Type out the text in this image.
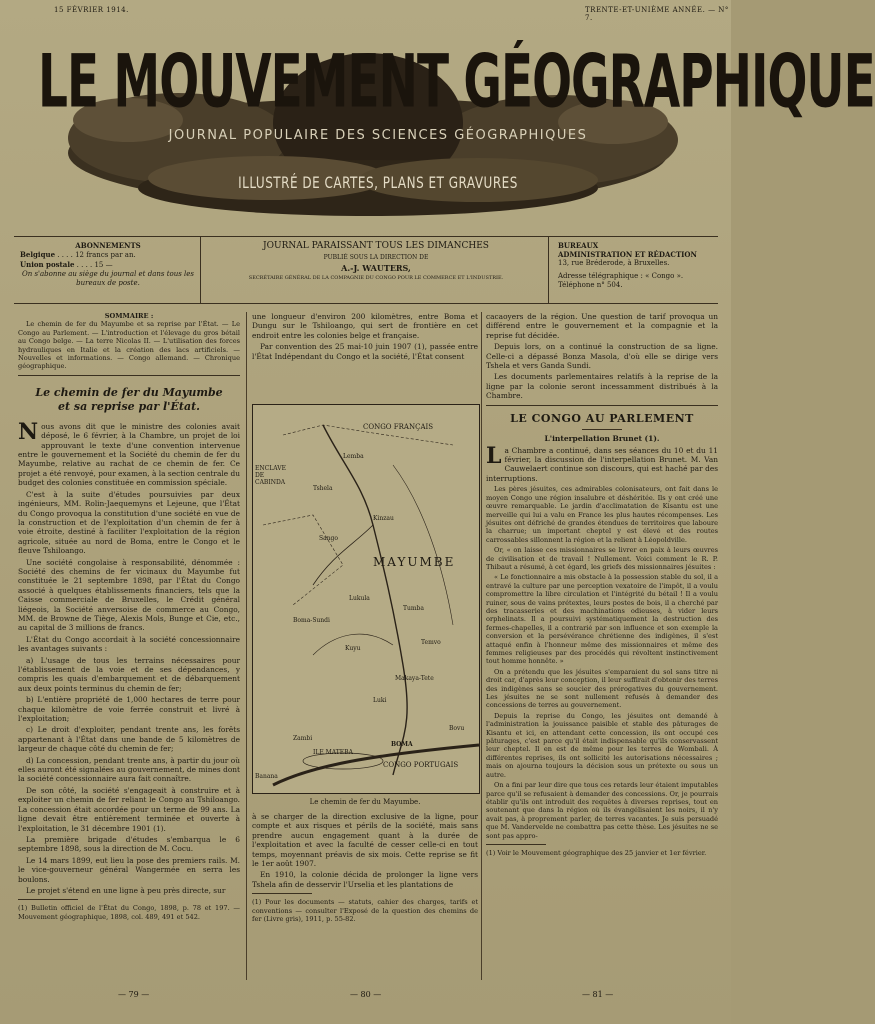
15 FÉVRIER 1914.	TRENTE-ET-UNIÈME ANNÉE. — N° 7.
LE MOUVEMENT GÉOGRAPHIQUE
JOURNAL POPULAIRE DES SCIENCES GÉOGRAPHIQUES
ILLUSTRÉ DE CARTES, PLANS ET GRAVURES
ABONNEMENTS
Belgique . . . . 12 francs par an.
Union postale . . . . 15 —
On s'abonne au siège du journal et dans tous les bureaux de poste.
JOURNAL PARAISSANT TOUS LES DIMANCHES
PUBLIÉ SOUS LA DIRECTION DE
A.-J. WAUTERS,
SECRÉTAIRE GÉNÉRAL DE LA COMPAGNIE DU CONGO POUR LE COMMERCE ET L'INDUSTRIE.
BUREAUX
ADMINISTRATION ET RÉDACTION
13, rue Bréderode, à Bruxelles.
Adresse télégraphique : « Congo ».
Téléphone n° 504.
SOMMAIRE :

Le chemin de fer du Mayumbe et sa reprise par l'État. — Le Congo au Parlement. — L'introduction et l'élevage du gros bétail au Congo belge. — La terre Nicolas II. — L'utilisation des forces hydrauliques en Italie et la création des lacs artificiels. — Nouvelles et informations. — Congo allemand. — Chronique géographique.

Le chemin de fer du Mayumbe
et sa reprise par l'État.

Nous avons dit que le ministre des colonies avait déposé, le 6 février, à la Chambre, un projet de loi approuvant le texte d'une convention intervenue entre le gouvernement et la Société du chemin de fer du Mayumbe, relative au rachat de ce chemin de fer. Ce projet a été renvoyé, pour examen, à la section centrale du budget des colonies constituée en commission spéciale.

C'est à la suite d'études poursuivies par deux ingénieurs, MM. Rolin-Jaequemyns et Lejeune, que l'État du Congo provoqua la constitution d'une société en vue de la construction et de l'exploitation d'un chemin de fer à voie étroite, destiné à faciliter l'exploitation de la région agricole, située au nord de Boma, entre le Congo et le fleuve Tshiloango.

Une société congolaise à responsabilité, dénommée : Société des chemins de fer vicinaux du Mayumbe fut constituée le 21 septembre 1898, par l'État du Congo associé à quelques établissements financiers, tels que la Caisse commerciale de Bruxelles, le Crédit général liégeois, la Société anversoise de commerce au Congo, MM. de Browne de Tiège, Alexis Mols, Bunge et Cie, etc., au capital de 3 millions de francs.

L'État du Congo accordait à la société concessionnaire les avantages suivants :

a) L'usage de tous les terrains nécessaires pour l'établissement de la voie et de ses dépendances, y compris les quais d'embarquement et de débarquement aux deux points terminus du chemin de fer;

b) L'entière propriété de 1,000 hectares de terre pour chaque kilomètre de voie ferrée construit et livré à l'exploitation;

c) Le droit d'exploiter, pendant trente ans, les forêts appartenant à l'État dans une bande de 5 kilomètres de largeur de chaque côté du chemin de fer;

d) La concession, pendant trente ans, à partir du jour où elles auront été signalées au gouvernement, de mines dont la société concessionnaire aura fait connaître.

De son côté, la société s'engageait à construire et à exploiter un chemin de fer reliant le Congo au Tshiloango. La concession était accordée pour un terme de 99 ans. La ligne devait être entièrement terminée et ouverte à l'exploitation, le 31 décembre 1901 (1).

La première brigade d'études s'embarqua le 6 septembre 1898, sous la direction de M. Cocu.

Le 14 mars 1899, eut lieu la pose des premiers rails. M. le vice-gouverneur général Wangermée en serra les boulons.

Le projet s'étend en une ligne à peu près directe, sur

(1) Bulletin officiel de l'État du Congo, 1898, p. 78 et 197. — Mouvement géographique, 1898, col. 489, 491 et 542.

une longueur d'environ 200 kilomètres, entre Boma et Dungu sur le Tshiloango, qui sert de frontière en cet endroit entre les colonies belge et française.

Par convention des 25 mai-10 juin 1907 (1), passée entre l'État Indépendant du Congo et la société, l'État consent

CONGO FRANÇAIS
ENCLAVE DE CABINDA
MAYUMBE
CONGO PORTUGAIS
ILE MATEBA
BOMA
Tshela
Lukula
Luki
Banana
Zambi
Kuyu
Boma-Sundi
Makaya-Tete
Bovu
Tumba
Temvo
Kinzau
Sango
Lemba
Le chemin de fer du Mayumbe.

à se charger de la direction exclusive de la ligne, pour compte et aux risques et périls de la société, mais sans prendre aucun engagement quant à la durée de l'exploitation et avec la faculté de cesser celle-ci en tout temps, moyennant préavis de six mois. Cette reprise se fit le 1er août 1907.

En 1910, la colonie décida de prolonger la ligne vers Tshela afin de desservir l'Urselia et les plantations de

(1) Pour les documents — statuts, cahier des charges, tarifs et conventions — consulter l'Exposé de la question des chemins de fer (Livre gris), 1911, p. 55-82.

cacaoyers de la région. Une question de tarif provoqua un différend entre le gouvernement et la compagnie et la reprise fut décidée.

Depuis lors, on a continué la construction de sa ligne. Celle-ci a dépassé Bonza Masola, d'où elle se dirige vers Tshela et vers Ganda Sundi.

Les documents parlementaires relatifs à la reprise de la ligne par la colonie seront incessamment distribués à la Chambre.

LE CONGO AU PARLEMENT
L'interpellation Brunet (1).

La Chambre a continué, dans ses séances du 10 et du 11 février, la discussion de l'interpellation Brunet. M. Van Cauwelaert continue son discours, qui est haché par des interruptions.

Les pères jésuites, ces admirables colonisateurs, ont fait dans le moyen Congo une région insalubre et déshéritée. Ils y ont créé une œuvre remarquable. Le jardin d'acclimatation de Kisantu est une merveille qui lui a valu en France les plus hautes récompenses. Les jésuites ont défriché de grandes étendues de territoires que laboure la charrue; un important cheptel y est élevé et des routes carrossables sillonnent la région et la relient à Léopoldville.

Or, « on laisse ces missionnaires se livrer en paix à leurs œuvres de civilisation et de travail ! Nullement. Voici comment le R. P. Thibaut a résumé, à cet égard, les griefs des missionnaires jésuites :

« Le fonctionnaire a mis obstacle à la possession stable du sol, il a entravé la culture par une perception vexatoire de l'impôt, il a voulu compromettre la libre circulation et l'intégrité du bétail ! Il a voulu ruiner, sous de vains prétextes, leurs postes de bois, il a cherché par des tracasseries et des machinations odieuses, à vider leurs orphelinats. Il a poursuivi systématiquement la destruction des fermes-chapelles, il a contrarié par son influence et son exemple la conversion et la persévérance chrétienne des indigènes, il s'est attaqué enfin à l'honneur même des missionnaires et même des femmes religieuses par des procédés qui révoltent instinctivement tout homme honnête. »

On a prétendu que les jésuites s'emparaient du sol sans titre ni droit car, d'après leur conception, il leur suffirait d'obtenir des terres des indigènes sans se soucier des prérogatives du gouvernement. Les jésuites ne se sont nullement refusés à demander des concessions de terres au gouvernement.

Depuis la reprise du Congo, les jésuites ont demandé à l'administration la jouissance paisible et stable des pâturages de Kisantu et ici, en attendant cette concession, ils ont occupé ces pâturages, c'est parce qu'il était indispensable qu'ils conservassent leur cheptel. Il en est de même pour les terres de Wombali. À différentes reprises, ils ont sollicité les autorisations nécessaires ; mais on ajourna toujours la décision sous un prétexte ou sous un autre.

On a fini par leur dire que tous ces retards leur étaient imputables parce qu'il se refusaient à demander des concessions. Or, je pourrais établir qu'ils ont introduit des requêtes à diverses reprises, tout en soutenant que dans la région où ils évangélisaient les noirs, il n'y avait pas, à proprement parler, de terres vacantes. Je suis persuadé que M. Vandervelde ne combattra pas cette thèse. Les jésuites ne se sont pas appro-

(1) Voir le Mouvement géographique des 25 janvier et 1er février.

— 79 —	— 80 —	— 81 —
